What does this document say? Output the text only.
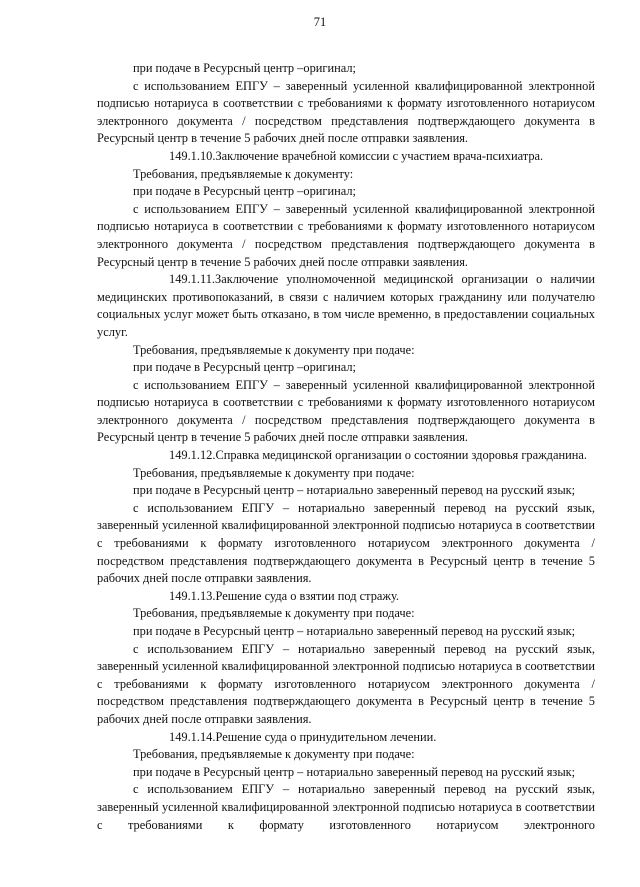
71

при подаче в Ресурсный центр –оригинал;

с использованием ЕПГУ – заверенный усиленной квалифицированной электронной подписью нотариуса в соответствии с требованиями к формату изготовленного нотариусом электронного документа / посредством представления подтверждающего документа в Ресурсный центр в течение 5 рабочих дней после отправки заявления.

149.1.10.Заключение врачебной комиссии с участием врача-психиатра.

Требования, предъявляемые к документу:

при подаче в Ресурсный центр –оригинал;

с использованием ЕПГУ – заверенный усиленной квалифицированной электронной подписью нотариуса в соответствии с требованиями к формату изготовленного нотариусом электронного документа / посредством представления подтверждающего документа в Ресурсный центр в течение 5 рабочих дней после отправки заявления.

149.1.11.Заключение уполномоченной медицинской организации о наличии медицинских противопоказаний, в связи с наличием которых гражданину или получателю социальных услуг может быть отказано, в том числе временно, в предоставлении социальных услуг.

Требования, предъявляемые к документу при подаче:

при подаче в Ресурсный центр –оригинал;

с использованием ЕПГУ – заверенный усиленной квалифицированной электронной подписью нотариуса в соответствии с требованиями к формату изготовленного нотариусом электронного документа / посредством представления подтверждающего документа в Ресурсный центр в течение 5 рабочих дней после отправки заявления.

149.1.12.Справка медицинской организации о состоянии здоровья гражданина.

Требования, предъявляемые к документу при подаче:

при подаче в Ресурсный центр – нотариально заверенный перевод на русский язык;

с использованием ЕПГУ – нотариально заверенный перевод на русский язык, заверенный усиленной квалифицированной электронной подписью нотариуса в соответствии с требованиями к формату изготовленного нотариусом электронного документа / посредством представления подтверждающего документа в Ресурсный центр в течение 5 рабочих дней после отправки заявления.

149.1.13.Решение суда о взятии под стражу.

Требования, предъявляемые к документу при подаче:

при подаче в Ресурсный центр – нотариально заверенный перевод на русский язык;

с использованием ЕПГУ – нотариально заверенный перевод на русский язык, заверенный усиленной квалифицированной электронной подписью нотариуса в соответствии с требованиями к формату изготовленного нотариусом электронного документа / посредством представления подтверждающего документа в Ресурсный центр в течение 5 рабочих дней после отправки заявления.

149.1.14.Решение суда о принудительном лечении.

Требования, предъявляемые к документу при подаче:

при подаче в Ресурсный центр – нотариально заверенный перевод на русский язык;

с использованием ЕПГУ – нотариально заверенный перевод на русский язык, заверенный усиленной квалифицированной электронной подписью нотариуса в соответствии с требованиями к формату изготовленного нотариусом электронного
